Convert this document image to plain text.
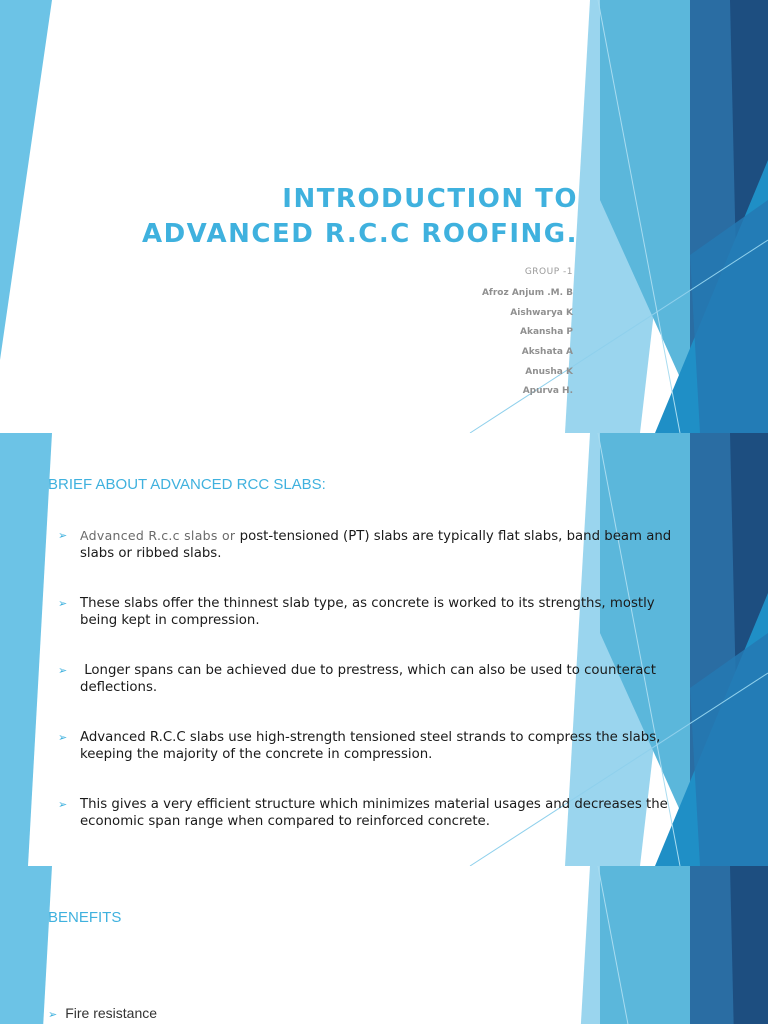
INTRODUCTION TO
ADVANCED R.C.C ROOFING.
GROUP -1
Afroz Anjum .M. B
Aishwarya K
Akansha P
Akshata A
Anusha K
Apurva H.
BRIEF ABOUT ADVANCED RCC SLABS:
➢ Advanced R.c.c slabs or post-tensioned (PT) slabs are typically flat slabs, band beam and slabs or ribbed slabs.
➢ These slabs offer the thinnest slab type, as concrete is worked to its strengths, mostly being kept in compression.
➢ Longer spans can be achieved due to prestress, which can also be used to counteract deflections.
➢ Advanced R.C.C slabs use high-strength tensioned steel strands to compress the slabs, keeping the majority of the concrete in compression.
➢ This gives a very efficient structure which minimizes material usages and decreases the economic span range when compared to reinforced concrete.
BENEFITS
➢ Fire resistance
